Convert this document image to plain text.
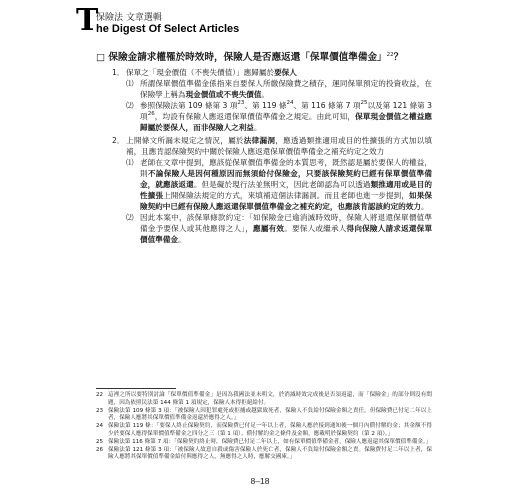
T
保險法 文章選輯
he Digest Of Select Articles
□ 保險金請求權罹於時效時，保險人是否應返還「保單價值準備金」$^{22}$？
1． 保單之「現金價值（不喪失價值）」應歸屬於要保人
⑴ 所謂保單價值準備金係指來自要保人所繳保險費之積存，運同保單預定的投資收益，在保險學上稱為現金價值或不喪失價值。
⑵ 參照保險法第 109 條第 3 項$^{23}$、第 119 條$^{24}$、第 116 條第 7 項$^{25}$以及第 121 條第 3 項$^{26}$，均設有保險人應返還保單價值準備金之規定。由此可知，保單現金價值之權益應歸屬於要保人，而非保險人之利益。
2． 上開條文所漏未規定之情況，屬於法律漏洞，應透過類推適用或目的性擴張的方式加以填補，且應肯認保險契約中關於保險人應返還保單價值準備金之補充約定之效力
⑴ 老師在文章中提到，應該從保單價值準備金的本質思考，既然認是屬於要保人的權益，則不論保險人是因何種原因而無須給付保險金，只要該保險契約已經有保單價值準備金，就應該返還。但是礙於現行法並無明文，因此老師認為可以透過類推適用或是目的性擴張上開保險法規定的方式，來填補這個法律漏洞。而且老師也進一步提到，如果保險契約中已經有保險人應返還保單價值準備金之補充約定，也應該肯認該約定的效力。
⑵ 因此本案中，該保單條款約定：「如保險金已逾消滅時效時，保險人將退還保單價值準備金予要保人或其他應得之人」，應屬有效。要保人或繼承人得向保險人請求返還保單價值準備金。
22 這裡之所以要特別討論「保單價值準備金」是因為我國法並未明文，於消滅時效完成後是否須返還，而「保險金」的部分則沒有問題，因為依照民法第 144 條第 1 項規定，保險人本得拒絕給付。
23 保險法第 109 條第 3 項：「被保險人因犯罪處死或拒捕或越獄致死者，保險人不負給付保險金額之責任。但保險費已付足二年以上者，保險人應將其保單價值準備金返還於應得之人。」
24 保險法第 119 條：「要保人終止保險契約，而保險費已付足一年以上者，保險人應於接到通知後一個月內償付解約金；其金額不得少於要保人應得保單價值準備金之四分之三（第 1 項）。償付解約金之條件及金額，應載明於保險契約（第 2 項）。」
25 保險法第 116 條第 7 項：「保險契約終止時，保險費已付足二年以上，如有保單價值準備金者，保險人應返還其保單價值準備金。」
26 保險法第 121 條第 3 項：「被保險人故意自殺或傷害保險人於死亡者，保險人不負給付保險金額之責。保險費付足二年以上者，保險人應將其保單價值準備金給付與應得之人，無應得之人時，應解交國庫。」
8–18
